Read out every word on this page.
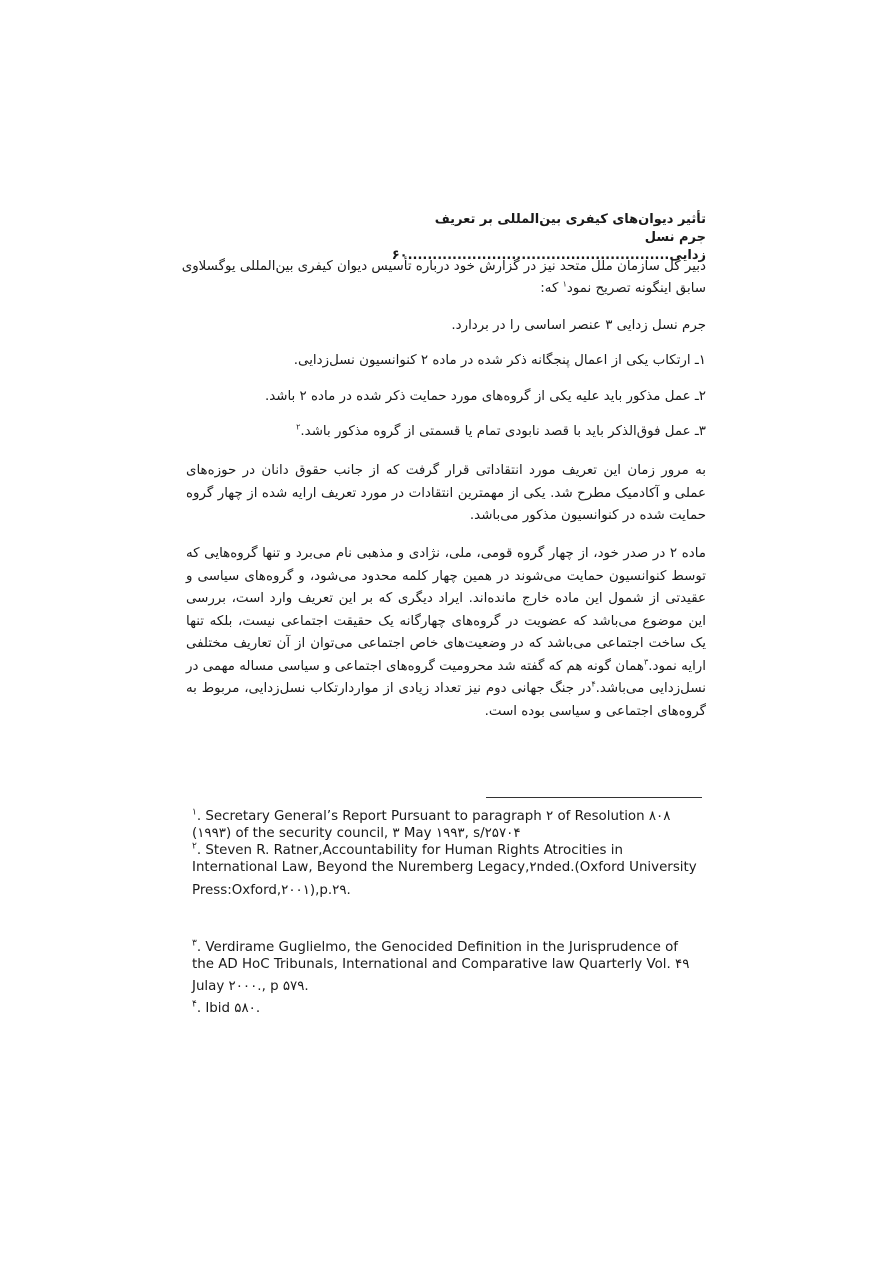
تأثیر دیوان‌های کیفری بین‌المللی بر تعریف جرم نسل
زدایی.....................................................۶۰
دبیر کل سازمان ملل متحد نیز در گزارش خود درباره تأسیس دیوان کیفری بین‌المللی یوگسلاوی
سابق اینگونه تصریح نمود$^۱$ که:
جرم نسل زدایی ۳ عنصر اساسی را در بردارد.
۱ـ ارتکاب یکی از اعمال پنجگانه ذکر شده در ماده ۲ کنوانسیون نسل‌زدایی.
۲ـ عمل مذکور باید علیه یکی از گروه‌های مورد حمایت ذکر شده در ماده ۲ باشد.
۳ـ عمل فوق‌الذکر باید با قصد نابودی تمام یا قسمتی از گروه مذکور باشد.$^۲$
به مرور زمان این تعریف مورد انتقاداتی قرار گرفت که از جانب حقوق دانان در حوزه‌های عملی و آکادمیک مطرح شد. یکی از مهمترین انتقادات در مورد تعریف ارایه شده از چهار گروه حمایت شده در کنوانسیون مذکور می‌باشد.
ماده ۲ در صدر خود، از چهار گروه قومی، ملی، نژادی و مذهبی نام می‌برد و تنها گروه‌هایی که توسط کنوانسیون حمایت می‌شوند در همین چهار کلمه محدود می‌شود، و گروه‌های سیاسی و عقیدتی از شمول این ماده خارج مانده‌اند. ایراد دیگری که بر این تعریف وارد است، بررسی این موضوع می‌باشد که عضویت در گروه‌های چهارگانه یک حقیقت اجتماعی نیست، بلکه تنها یک ساخت اجتماعی می‌باشد که در وضعیت‌های خاص اجتماعی می‌توان از آن تعاریف مختلفی ارایه نمود.$^۳$همان گونه هم که گفته شد محرومیت گروه‌های اجتماعی و سیاسی مساله مهمی در نسل‌زدایی می‌باشد.$^۴$در جنگ جهانی دوم نیز تعداد زیادی از مواردارتکاب نسل‌زدایی، مربوط به گروه‌های اجتماعی و سیاسی بوده است.
$^۱$. Secretary General’s Report Pursuant to paragraph ۲ of Resolution ۸۰۸
(۱۹۹۳) of the security council, ۳ May ۱۹۹۳, s/۲۵۷۰۴
$^۲$. Steven R. Ratner,Accountability for Human Rights Atrocities in
International Law, Beyond the Nuremberg Legacy,۲nded.(Oxford University
Press:Oxford,۲۰۰۱),p.۲۹.
$^۳$. Verdirame Guglielmo, the Genocided Definition in the Jurisprudence of
the AD HoC Tribunals, International and Comparative law Quarterly Vol. ۴۹
Julay ۲۰۰۰., p ۵۷۹.
$^۴$. Ibid ۵۸۰.
